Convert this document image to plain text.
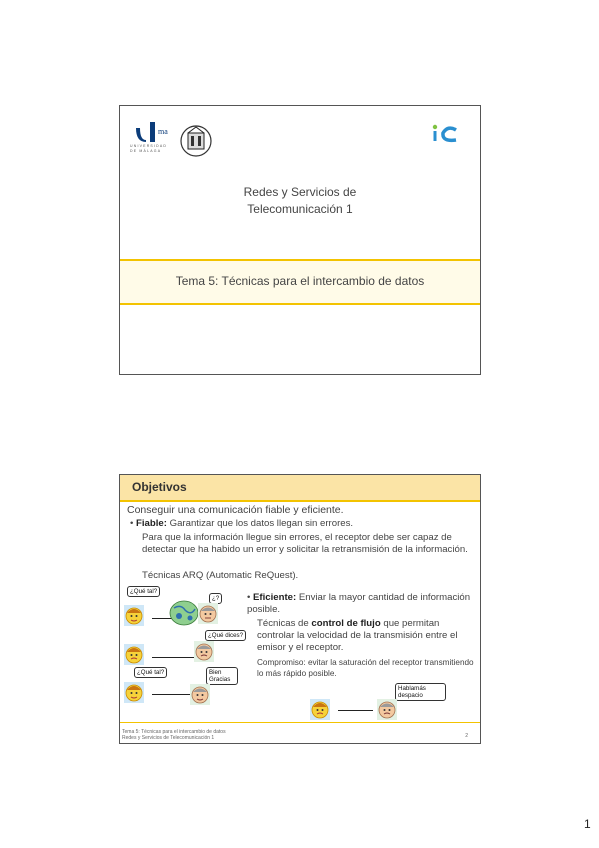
ma
UNIVERSIDAD
DE MÁLAGA
Redes y Servicios de
Telecomunicación 1
Tema 5: Técnicas para el intercambio de datos
Objetivos
Conseguir una comunicación fiable y eficiente.
• Fiable: Garantizar que los datos llegan sin errores.
Para que la información llegue sin errores, el receptor debe ser capaz de detectar que ha habido un error y solicitar la retransmisión de la información.
Técnicas ARQ (Automatic ReQuest).
¿Qué tal?
¿?
¿Qué dices?
¿Qué tal?	Bien Gracias
• Eficiente: Enviar la mayor cantidad de información posible.
Técnicas de control de flujo que permitan controlar la velocidad de la transmisión entre el emisor y el receptor.
Compromiso: evitar la saturación del receptor transmitiendo lo más rápido posible.
Hablamás despacio
Tema 5: Técnicas para el intercambio de datos
Redes y Servicios de Telecomunicación 1	2
1
